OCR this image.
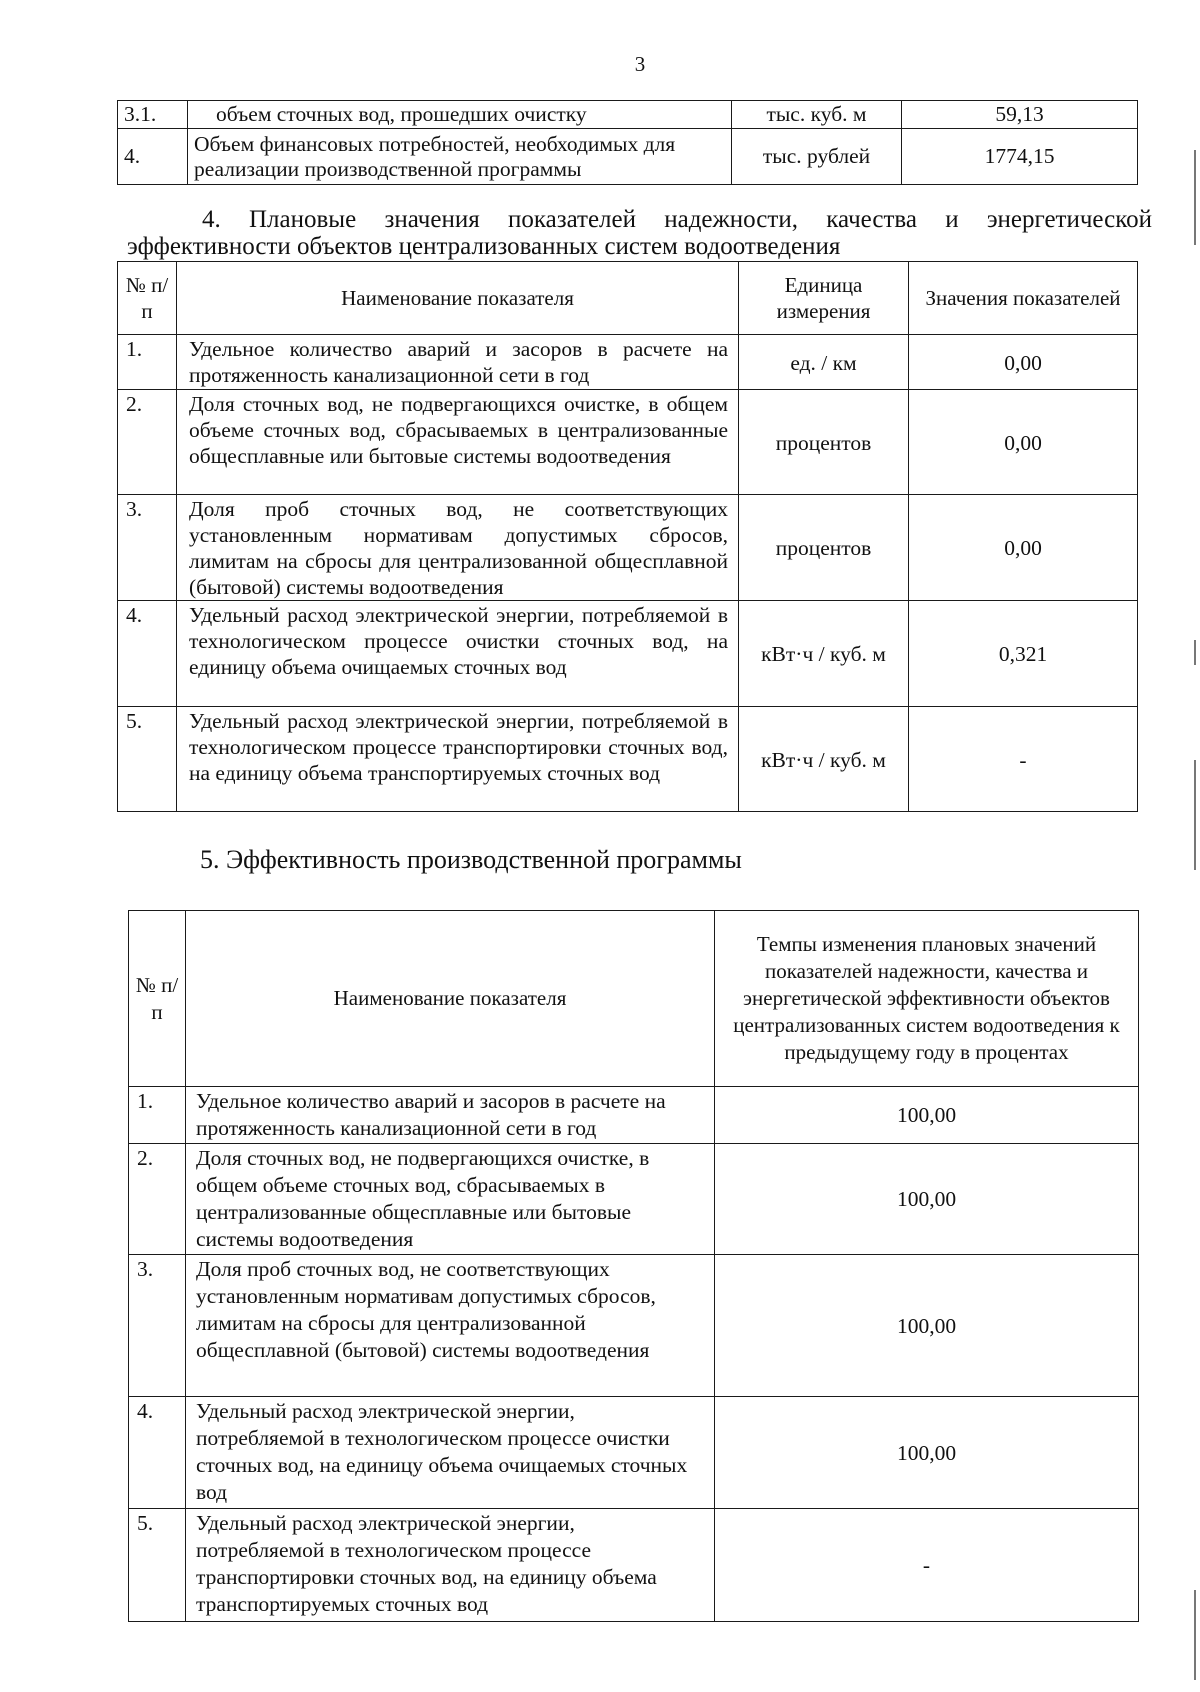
3
3.1.	объем сточных вод, прошедших очистку	тыс. куб. м	59,13
4.	Объем финансовых потребностей, необходимых для реализации производственной программы	тыс. рублей	1774,15
4. Плановые значения показателей надежности, качества и энергетической эффективности объектов централизованных систем водоотведения
№ п/п	Наименование показателя	Единица измерения	Значения показателей
1.	Удельное количество аварий и засоров в расчете на протяженность канализационной сети в год	ед. / км	0,00
2.	Доля сточных вод, не подвергающихся очистке, в общем объеме сточных вод, сбрасываемых в централизованные общесплавные или бытовые системы водоотведения	процентов	0,00
3.	Доля проб сточных вод, не соответствующих установленным нормативам допустимых сбросов, лимитам на сбросы для централизованной общесплавной (бытовой) системы водоотведения	процентов	0,00
4.	Удельный расход электрической энергии, потребляемой в технологическом процессе очистки сточных вод, на единицу объема очищаемых сточных вод	кВт·ч / куб. м	0,321
5.	Удельный расход электрической энергии, потребляемой в технологическом процессе транспортировки сточных вод, на единицу объема транспортируемых сточных вод	кВт·ч / куб. м	-
5. Эффективность производственной программы
№ п/п	Наименование показателя	Темпы изменения плановых значений показателей надежности, качества и энергетической эффективности объектов централизованных систем водоотведения к предыдущему году в процентах
1.	Удельное количество аварий и засоров в расчете на протяженность канализационной сети в год	100,00
2.	Доля сточных вод, не подвергающихся очистке, в общем объеме сточных вод, сбрасываемых в централизованные общесплавные или бытовые системы водоотведения	100,00
3.	Доля проб сточных вод, не соответствующих установленным нормативам допустимых сбросов, лимитам на сбросы для централизованной общесплавной (бытовой) системы водоотведения	100,00
4.	Удельный расход электрической энергии, потребляемой в технологическом процессе очистки сточных вод, на единицу объема очищаемых сточных вод	100,00
5.	Удельный расход электрической энергии, потребляемой в технологическом процессе транспортировки сточных вод, на единицу объема транспортируемых сточных вод	-
